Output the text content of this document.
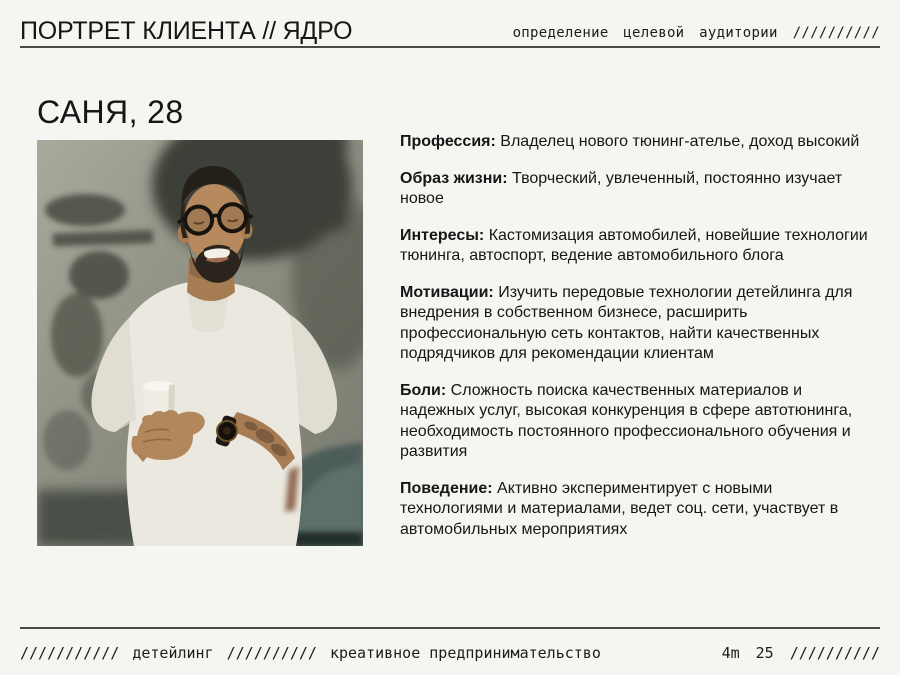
ПОРТРЕТ КЛИЕНТА // ЯДРО	определение целевой аудитории //////////
САНЯ, 28

Профессия: Владелец нового тюнинг-ателье, доход высокий

Образ жизни: Творческий, увлеченный, постоянно изучает новое

Интересы: Кастомизация автомобилей, новейшие технологии тюнинга, автоспорт, ведение автомобильного блога

Мотивации: Изучить передовые технологии детейлинга для внедрения в собственном бизнесе, расширить профессиональную сеть контактов, найти качественных подрядчиков для рекомендации клиентам

Боли: Сложность поиска качественных материалов и надежных услуг, высокая конкуренция в сфере автотюнинга, необходимость постоянного профессионального обучения и развития

Поведение: Активно экспериментирует с новыми технологиями и материалами, ведет соц. сети, участвует в автомобильных мероприятиях

/////////// детейлинг ////////// креативное предпринимательство	4m 25 //////////
